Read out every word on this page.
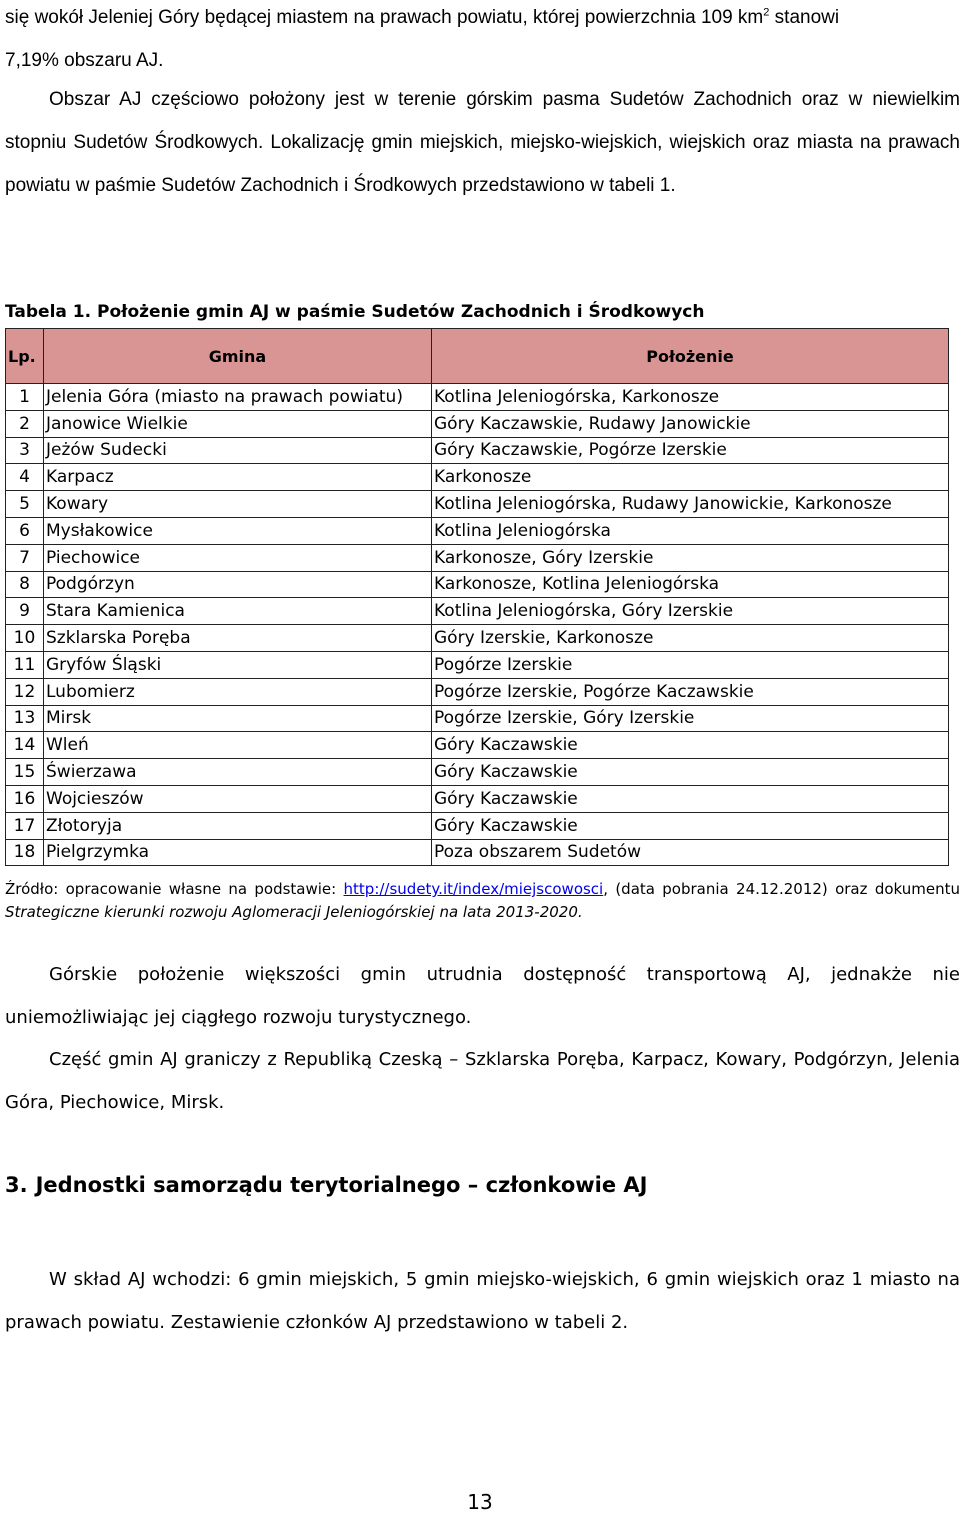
się wokół Jeleniej Góry będącej miastem na prawach powiatu, której powierzchnia 109 $km^2$ stanowi
7,19% obszaru AJ.

Obszar AJ częściowo położony jest w terenie górskim pasma Sudetów Zachodnich oraz w niewielkim stopniu Sudetów Środkowych. Lokalizację gmin miejskich, miejsko-wiejskich, wiejskich oraz miasta na prawach powiatu w paśmie Sudetów Zachodnich i Środkowych przedstawiono w tabeli 1.

Tabela 1. Położenie gmin AJ w paśmie Sudetów Zachodnich i Środkowych

Lp.	Gmina	Położenie
1	Jelenia Góra (miasto na prawach powiatu)	Kotlina Jeleniogórska, Karkonosze
2	Janowice Wielkie	Góry Kaczawskie, Rudawy Janowickie
3	Jeżów Sudecki	Góry Kaczawskie, Pogórze Izerskie
4	Karpacz	Karkonosze
5	Kowary	Kotlina Jeleniogórska, Rudawy Janowickie, Karkonosze
6	Mysłakowice	Kotlina Jeleniogórska
7	Piechowice	Karkonosze, Góry Izerskie
8	Podgórzyn	Karkonosze, Kotlina Jeleniogórska
9	Stara Kamienica	Kotlina Jeleniogórska, Góry Izerskie
10	Szklarska Poręba	Góry Izerskie, Karkonosze
11	Gryfów Śląski	Pogórze Izerskie
12	Lubomierz	Pogórze Izerskie, Pogórze Kaczawskie
13	Mirsk	Pogórze Izerskie, Góry Izerskie
14	Wleń	Góry Kaczawskie
15	Świerzawa	Góry Kaczawskie
16	Wojcieszów	Góry Kaczawskie
17	Złotoryja	Góry Kaczawskie
18	Pielgrzymka	Poza obszarem Sudetów

Źródło: opracowanie własne na podstawie: http://sudety.it/index/miejscowosci, (data pobrania 24.12.2012) oraz dokumentu Strategiczne kierunki rozwoju Aglomeracji Jeleniogórskiej na lata 2013-2020.

Górskie położenie większości gmin utrudnia dostępność transportową AJ, jednakże nie uniemożliwiając jej ciągłego rozwoju turystycznego.

Część gmin AJ graniczy z Republiką Czeską – Szklarska Poręba, Karpacz, Kowary, Podgórzyn, Jelenia Góra, Piechowice, Mirsk.

3. Jednostki samorządu terytorialnego – członkowie AJ

W skład AJ wchodzi: 6 gmin miejskich, 5 gmin miejsko-wiejskich, 6 gmin wiejskich oraz 1 miasto na prawach powiatu. Zestawienie członków AJ przedstawiono w tabeli 2.

13
